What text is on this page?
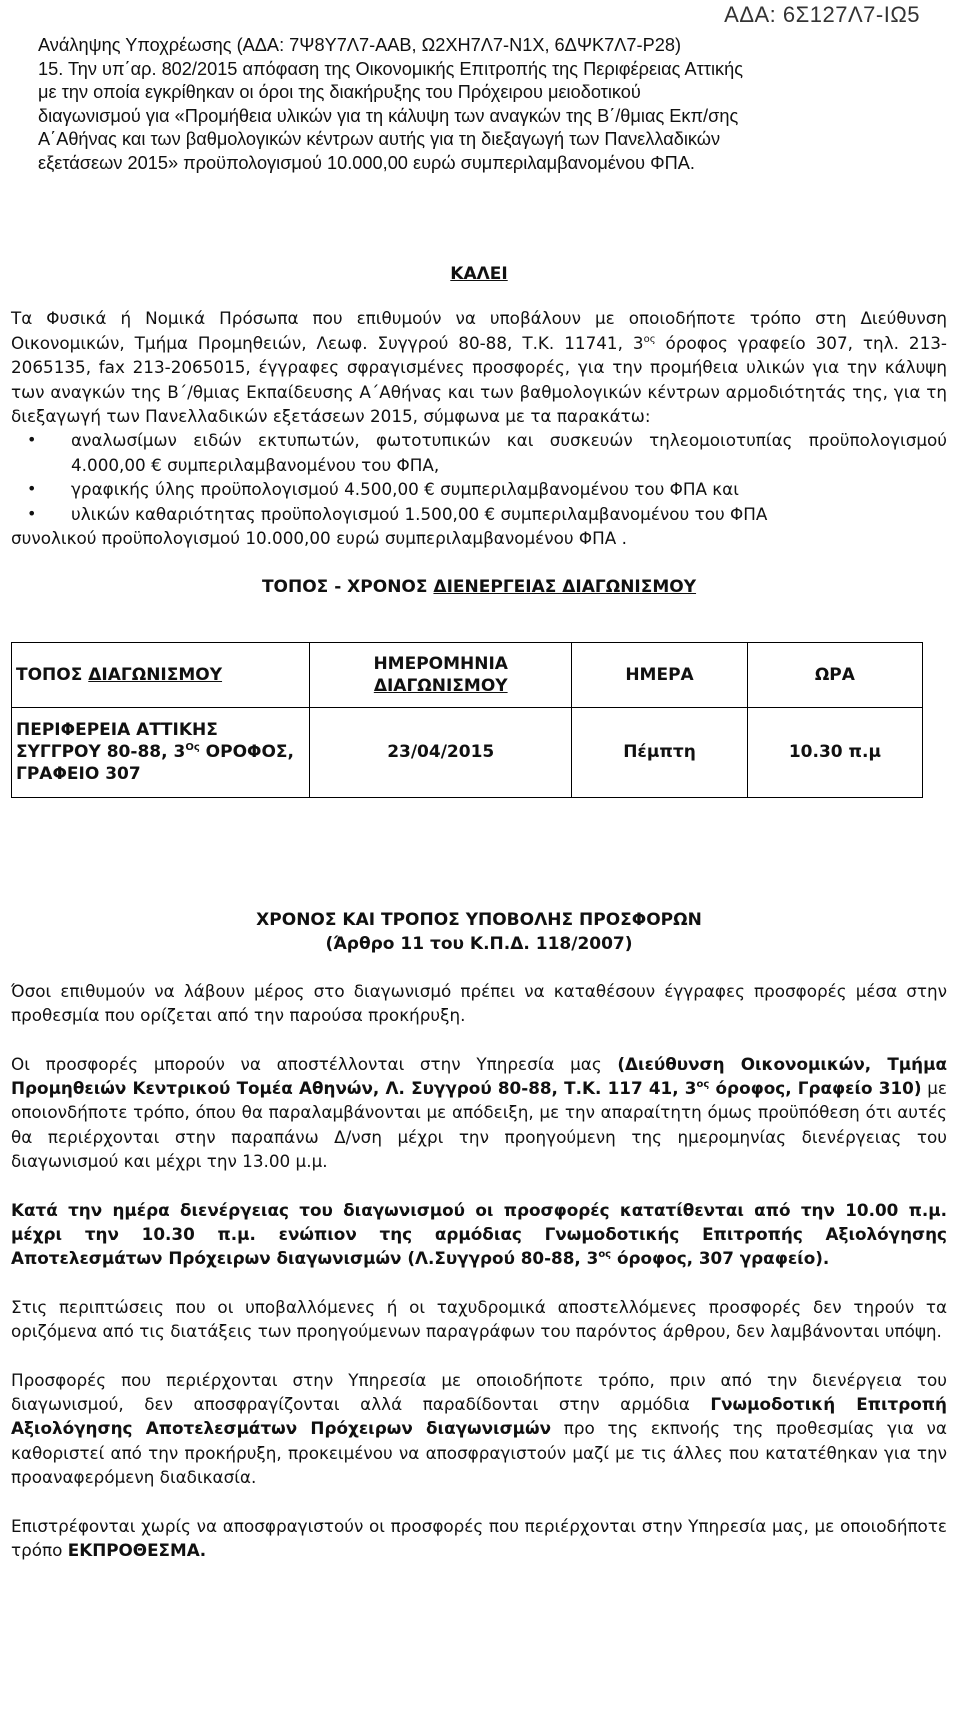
ΑΔΑ: 6Σ127Λ7-ΙΩ5

Ανάληψης Υποχρέωσης (ΑΔΑ: 7Ψ8Υ7Λ7-ΑΑΒ, Ω2ΧΗ7Λ7-Ν1Χ, 6ΔΨΚ7Λ7-Ρ28)
15. Την υπ΄αρ. 802/2015 απόφαση της Οικονομικής Επιτροπής της Περιφέρειας Αττικής
με την οποία εγκρίθηκαν οι όροι της διακήρυξης του Πρόχειρου μειοδοτικού
διαγωνισμού για «Προμήθεια υλικών για τη κάλυψη των αναγκών της Β΄/θμιας Εκπ/σης
Α΄Αθήνας και των βαθμολογικών κέντρων αυτής για τη διεξαγωγή των Πανελλαδικών
εξετάσεων 2015» προϋπολογισμού 10.000,00 ευρώ συμπεριλαμβανομένου ΦΠΑ.

ΚΑΛΕΙ

Τα Φυσικά ή Νομικά Πρόσωπα που επιθυμούν να υποβάλουν με οποιοδήποτε τρόπο στη Διεύθυνση Οικονομικών, Τμήμα Προμηθειών, Λεωφ. Συγγρού 80-88, Τ.Κ. 11741, $3^{o\varsigma}$ όροφος γραφείο 307, τηλ. 213-2065135, fax 213-2065015, έγγραφες σφραγισμένες προσφορές, για την προμήθεια υλικών για την κάλυψη των αναγκών της Β΄/θμιας Εκπαίδευσης Α΄Αθήνας και των βαθμολογικών κέντρων αρμοδιότητάς της, για τη διεξαγωγή των Πανελλαδικών εξετάσεων 2015, σύμφωνα με τα παρακάτω:

• αναλωσίμων ειδών εκτυπωτών, φωτοτυπικών και συσκευών τηλεομοιοτυπίας προϋπολογισμού 4.000,00 € συμπεριλαμβανομένου του ΦΠΑ,
• γραφικής ύλης προϋπολογισμού 4.500,00 € συμπεριλαμβανομένου του ΦΠΑ και
• υλικών καθαριότητας προϋπολογισμού 1.500,00 € συμπεριλαμβανομένου του ΦΠΑ

συνολικού προϋπολογισμού 10.000,00 ευρώ συμπεριλαμβανομένου ΦΠΑ .

ΤΟΠΟΣ - ΧΡΟΝΟΣ ΔΙΕΝΕΡΓΕΙΑΣ ΔΙΑΓΩΝΙΣΜΟΥ

ΤΟΠΟΣ ΔΙΑΓΩΝΙΣΜΟΥ	ΗΜΕΡΟΜΗΝΙΑ
ΔΙΑΓΩΝΙΣΜΟΥ	ΗΜΕΡΑ	ΩΡΑ
ΠΕΡΙΦΕΡΕΙΑ ΑΤΤΙΚΗΣ
ΣΥΓΓΡΟΥ 80-88, $3^{O\varsigma}$ ΟΡΟΦΟΣ,
ΓΡΑΦΕΙΟ 307	23/04/2015	Πέμπτη	10.30 π.μ

ΧΡΟΝΟΣ ΚΑΙ ΤΡΟΠΟΣ ΥΠΟΒΟΛΗΣ ΠΡΟΣΦΟΡΩΝ

(Άρθρο 11 του Κ.Π.Δ. 118/2007)

Όσοι επιθυμούν να λάβουν μέρος στο διαγωνισμό πρέπει να καταθέσουν έγγραφες προσφορές μέσα στην προθεσμία που ορίζεται από την παρούσα προκήρυξη.

Οι προσφορές μπορούν να αποστέλλονται στην Υπηρεσία μας (Διεύθυνση Οικονομικών, Τμήμα Προμηθειών Κεντρικού Τομέα Αθηνών, Λ. Συγγρού 80-88, Τ.Κ. 117 41, $3^{o\varsigma}$ όροφος, Γραφείο 310) με οποιονδήποτε τρόπο, όπου θα παραλαμβάνονται με απόδειξη, με την απαραίτητη όμως προϋπόθεση ότι αυτές θα περιέρχονται στην παραπάνω Δ/νση μέχρι την προηγούμενη της ημερομηνίας διενέργειας του διαγωνισμού και μέχρι την 13.00 μ.μ.

Κατά την ημέρα διενέργειας του διαγωνισμού οι προσφορές κατατίθενται από την 10.00 π.μ. μέχρι την 10.30 π.μ. ενώπιον της αρμόδιας Γνωμοδοτικής Επιτροπής Αξιολόγησης Αποτελεσμάτων Πρόχειρων διαγωνισμών (Λ.Συγγρού 80-88, $3^{o\varsigma}$ όροφος, 307 γραφείο).

Στις περιπτώσεις που οι υποβαλλόμενες ή οι ταχυδρομικά αποστελλόμενες προσφορές δεν τηρούν τα οριζόμενα από τις διατάξεις των προηγούμενων παραγράφων του παρόντος άρθρου, δεν λαμβάνονται υπόψη.

Προσφορές που περιέρχονται στην Υπηρεσία με οποιοδήποτε τρόπο, πριν από την διενέργεια του διαγωνισμού, δεν αποσφραγίζονται αλλά παραδίδονται στην αρμόδια Γνωμοδοτική Επιτροπή Αξιολόγησης Αποτελεσμάτων Πρόχειρων διαγωνισμών προ της εκπνοής της προθεσμίας για να καθοριστεί από την προκήρυξη, προκειμένου να αποσφραγιστούν μαζί με τις άλλες που κατατέθηκαν για την προαναφερόμενη διαδικασία.

Επιστρέφονται χωρίς να αποσφραγιστούν οι προσφορές που περιέρχονται στην Υπηρεσία μας, με οποιοδήποτε τρόπο ΕΚΠΡΟΘΕΣΜΑ.
